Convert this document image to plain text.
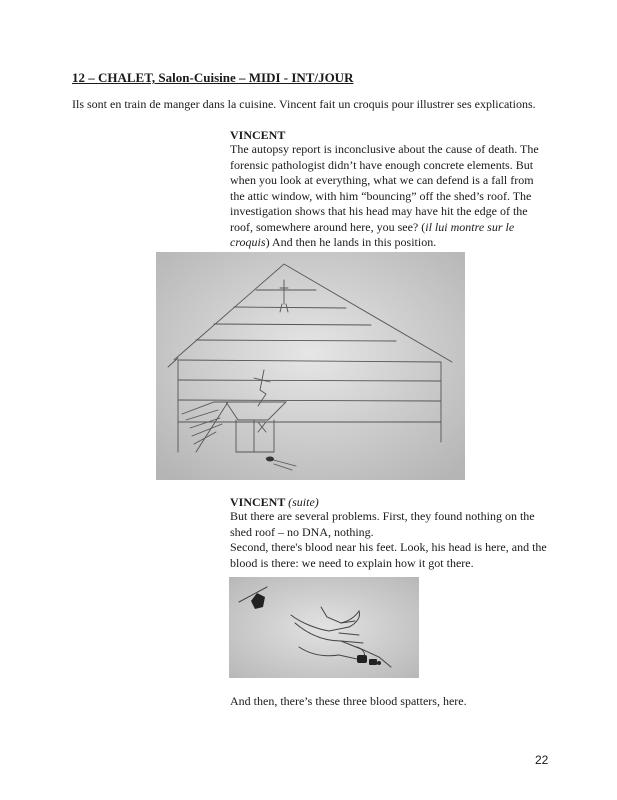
12 – CHALET, Salon-Cuisine – MIDI - INT/JOUR
Ils sont en train de manger dans la cuisine. Vincent fait un croquis pour illustrer ses explications.
VINCENT
The autopsy report is inconclusive about the cause of death. The forensic pathologist didn’t have enough concrete elements. But when you look at everything, what we can defend is a fall from the attic window, with him “bouncing” off the shed’s roof. The investigation shows that his head may have hit the edge of the roof, somewhere around here, you see? (il lui montre sur le croquis) And then he lands in this position.
VINCENT (suite)
But there are several problems. First, they found nothing on the shed roof – no DNA, nothing.
Second, there's blood near his feet. Look, his head is here, and the blood is there: we need to explain how it got there.
And then, there’s these three blood spatters, here.
22
